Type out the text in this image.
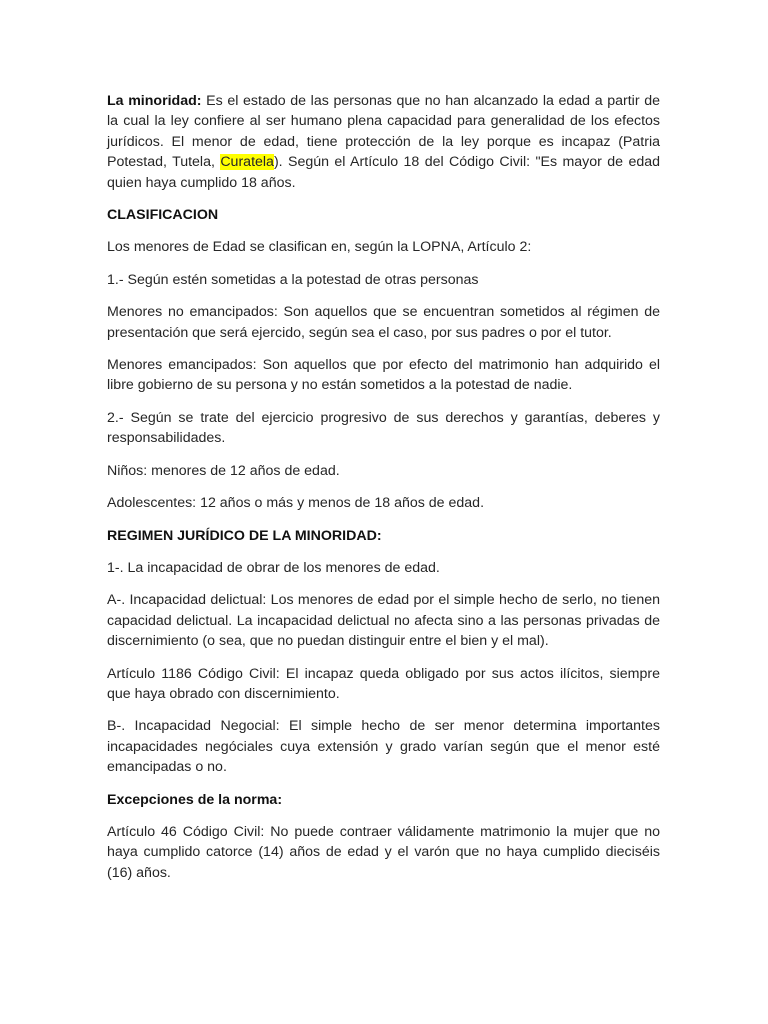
La minoridad: Es el estado de las personas que no han alcanzado la edad a partir de la cual la ley confiere al ser humano plena capacidad para generalidad de los efectos jurídicos. El menor de edad, tiene protección de la ley porque es incapaz (Patria Potestad, Tutela, Curatela). Según el Artículo 18 del Código Civil: "Es mayor de edad quien haya cumplido 18 años.

CLASIFICACION

Los menores de Edad se clasifican en, según la LOPNA, Artículo 2:

1.- Según estén sometidas a la potestad de otras personas

Menores no emancipados: Son aquellos que se encuentran sometidos al régimen de presentación que será ejercido, según sea el caso, por sus padres o por el tutor.

Menores emancipados: Son aquellos que por efecto del matrimonio han adquirido el libre gobierno de su persona y no están sometidos a la potestad de nadie.

2.- Según se trate del ejercicio progresivo de sus derechos y garantías, deberes y responsabilidades.

Niños: menores de 12 años de edad.

Adolescentes: 12 años o más y menos de 18 años de edad.

REGIMEN JURÍDICO DE LA MINORIDAD:

1-. La incapacidad de obrar de los menores de edad.

A-. Incapacidad delictual: Los menores de edad por el simple hecho de serlo, no tienen capacidad delictual. La incapacidad delictual no afecta sino a las personas privadas de discernimiento (o sea, que no puedan distinguir entre el bien y el mal).

Artículo 1186 Código Civil: El incapaz queda obligado por sus actos ilícitos, siempre que haya obrado con discernimiento.

B-. Incapacidad Negocial: El simple hecho de ser menor determina importantes incapacidades negóciales cuya extensión y grado varían según que el menor esté emancipadas o no.

Excepciones de la norma:

Artículo 46 Código Civil: No puede contraer válidamente matrimonio la mujer que no haya cumplido catorce (14) años de edad y el varón que no haya cumplido dieciséis (16) años.
